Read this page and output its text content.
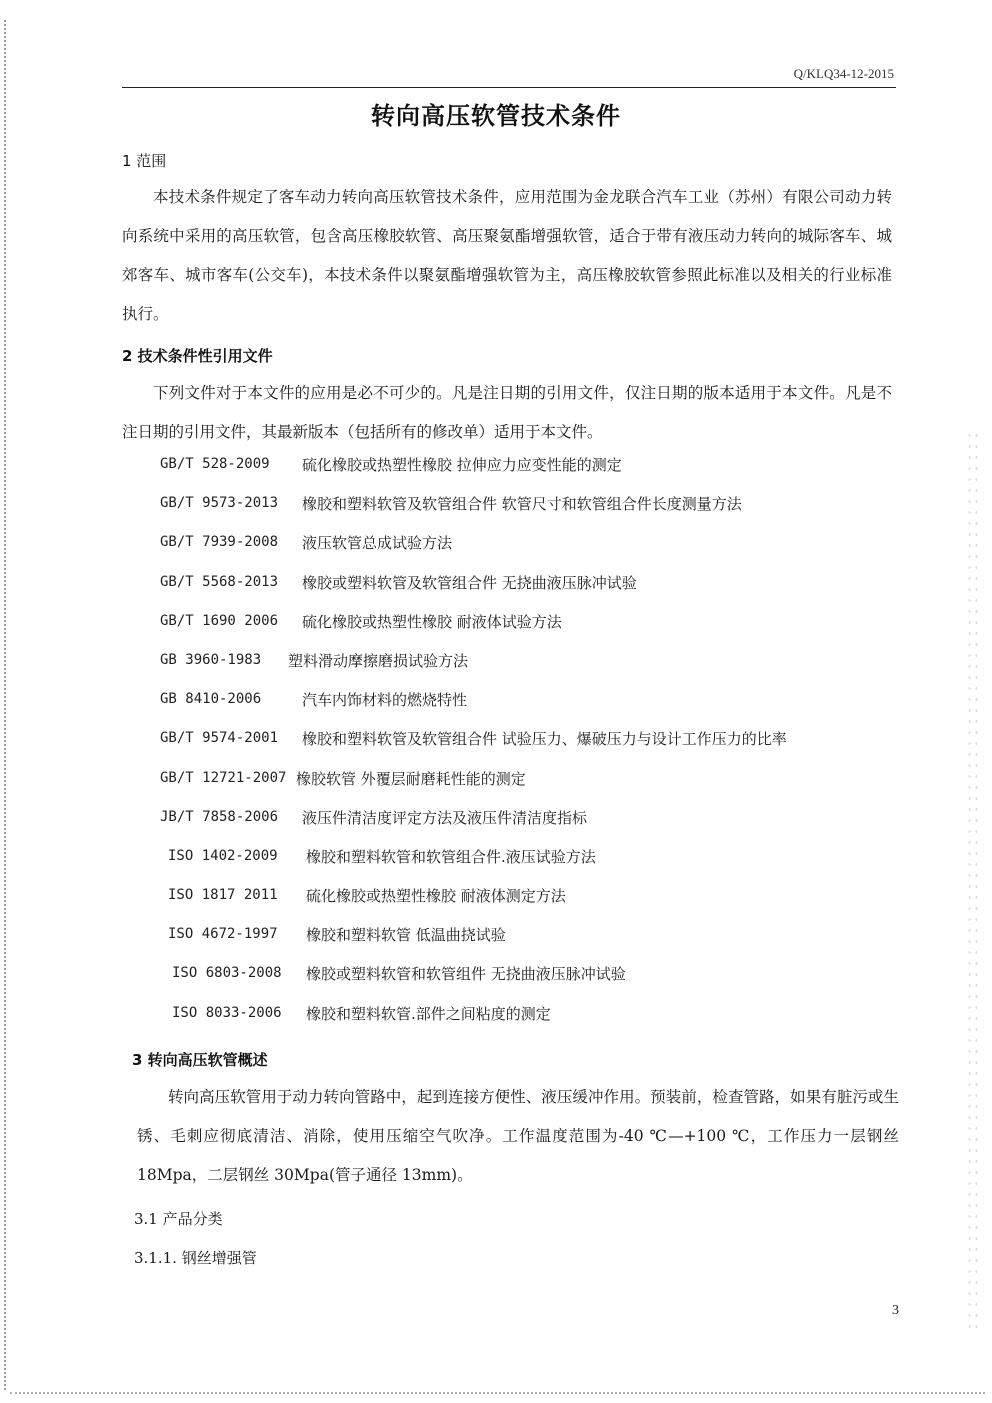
Q/KLQ34-12-2015
转向高压软管技术条件
1 范围
本技术条件规定了客车动力转向高压软管技术条件，应用范围为金龙联合汽车工业（苏州）有限公司动力转向系统中采用的高压软管，包含高压橡胶软管、高压聚氨酯增强软管，适合于带有液压动力转向的城际客车、城郊客车、城市客车(公交车)，本技术条件以聚氨酯增强软管为主，高压橡胶软管参照此标准以及相关的行业标准执行。
2 技术条件性引用文件
下列文件对于本文件的应用是必不可少的。凡是注日期的引用文件，仅注日期的版本适用于本文件。凡是不注日期的引用文件，其最新版本（包括所有的修改单）适用于本文件。
GB/T 528-2009	硫化橡胶或热塑性橡胶 拉伸应力应变性能的测定
GB/T 9573-2013	橡胶和塑料软管及软管组合件 软管尺寸和软管组合件长度测量方法
GB/T 7939-2008	液压软管总成试验方法
GB/T 5568-2013	橡胶或塑料软管及软管组合件 无挠曲液压脉冲试验
GB/T 1690 2006	硫化橡胶或热塑性橡胶 耐液体试验方法
GB 3960-1983	塑料滑动摩擦磨损试验方法
GB 8410-2006	汽车内饰材料的燃烧特性
GB/T 9574-2001	橡胶和塑料软管及软管组合件 试验压力、爆破压力与设计工作压力的比率
GB/T 12721-2007 橡胶软管 外覆层耐磨耗性能的测定
JB/T 7858-2006	液压件清洁度评定方法及液压件清洁度指标
ISO 1402-2009	橡胶和塑料软管和软管组合件.液压试验方法
ISO 1817 2011	硫化橡胶或热塑性橡胶 耐液体测定方法
ISO 4672-1997	橡胶和塑料软管 低温曲挠试验
ISO 6803-2008	橡胶或塑料软管和软管组件 无挠曲液压脉冲试验
ISO 8033-2006	橡胶和塑料软管.部件之间粘度的测定
3 转向高压软管概述
转向高压软管用于动力转向管路中，起到连接方便性、液压缓冲作用。预装前，检查管路，如果有脏污或生锈、毛刺应彻底清洁、消除，使用压缩空气吹净。工作温度范围为-40 ℃—+100 ℃，工作压力一层钢丝 18Mpa，二层钢丝 30Mpa(管子通径 13mm)。
3.1 产品分类
3.1.1. 钢丝增强管
3
